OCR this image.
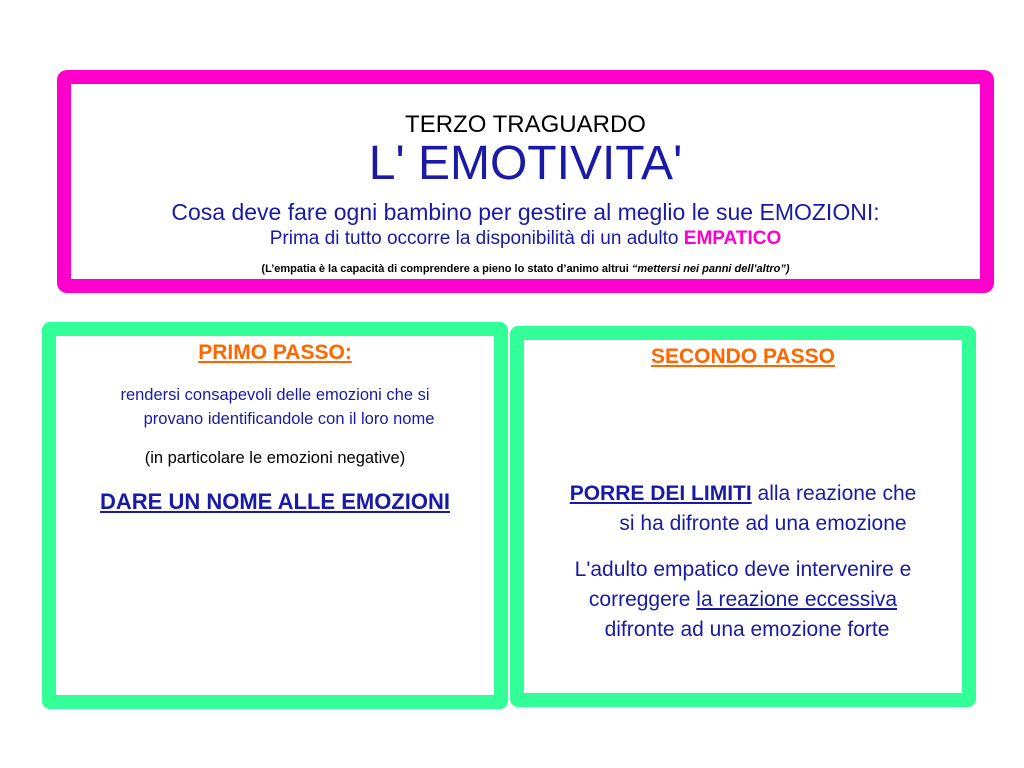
TERZO TRAGUARDO
L' EMOTIVITA'
Cosa deve fare ogni bambino per gestire al meglio le sue EMOZIONI:
Prima di tutto occorre la disponibilità di un adulto EMPATICO
(L’empatia è la capacità di comprendere a pieno lo stato d’animo altrui “mettersi nei panni dell’altro”)
PRIMO PASSO:
rendersi consapevoli delle emozioni che si
provano identificandole con il loro nome
(in particolare le emozioni negative)
DARE UN NOME ALLE EMOZIONI
SECONDO PASSO
PORRE DEI LIMITI alla reazione che
si ha difronte ad una emozione
L'adulto empatico deve intervenire e
correggere la reazione eccessiva
difronte ad una emozione forte
